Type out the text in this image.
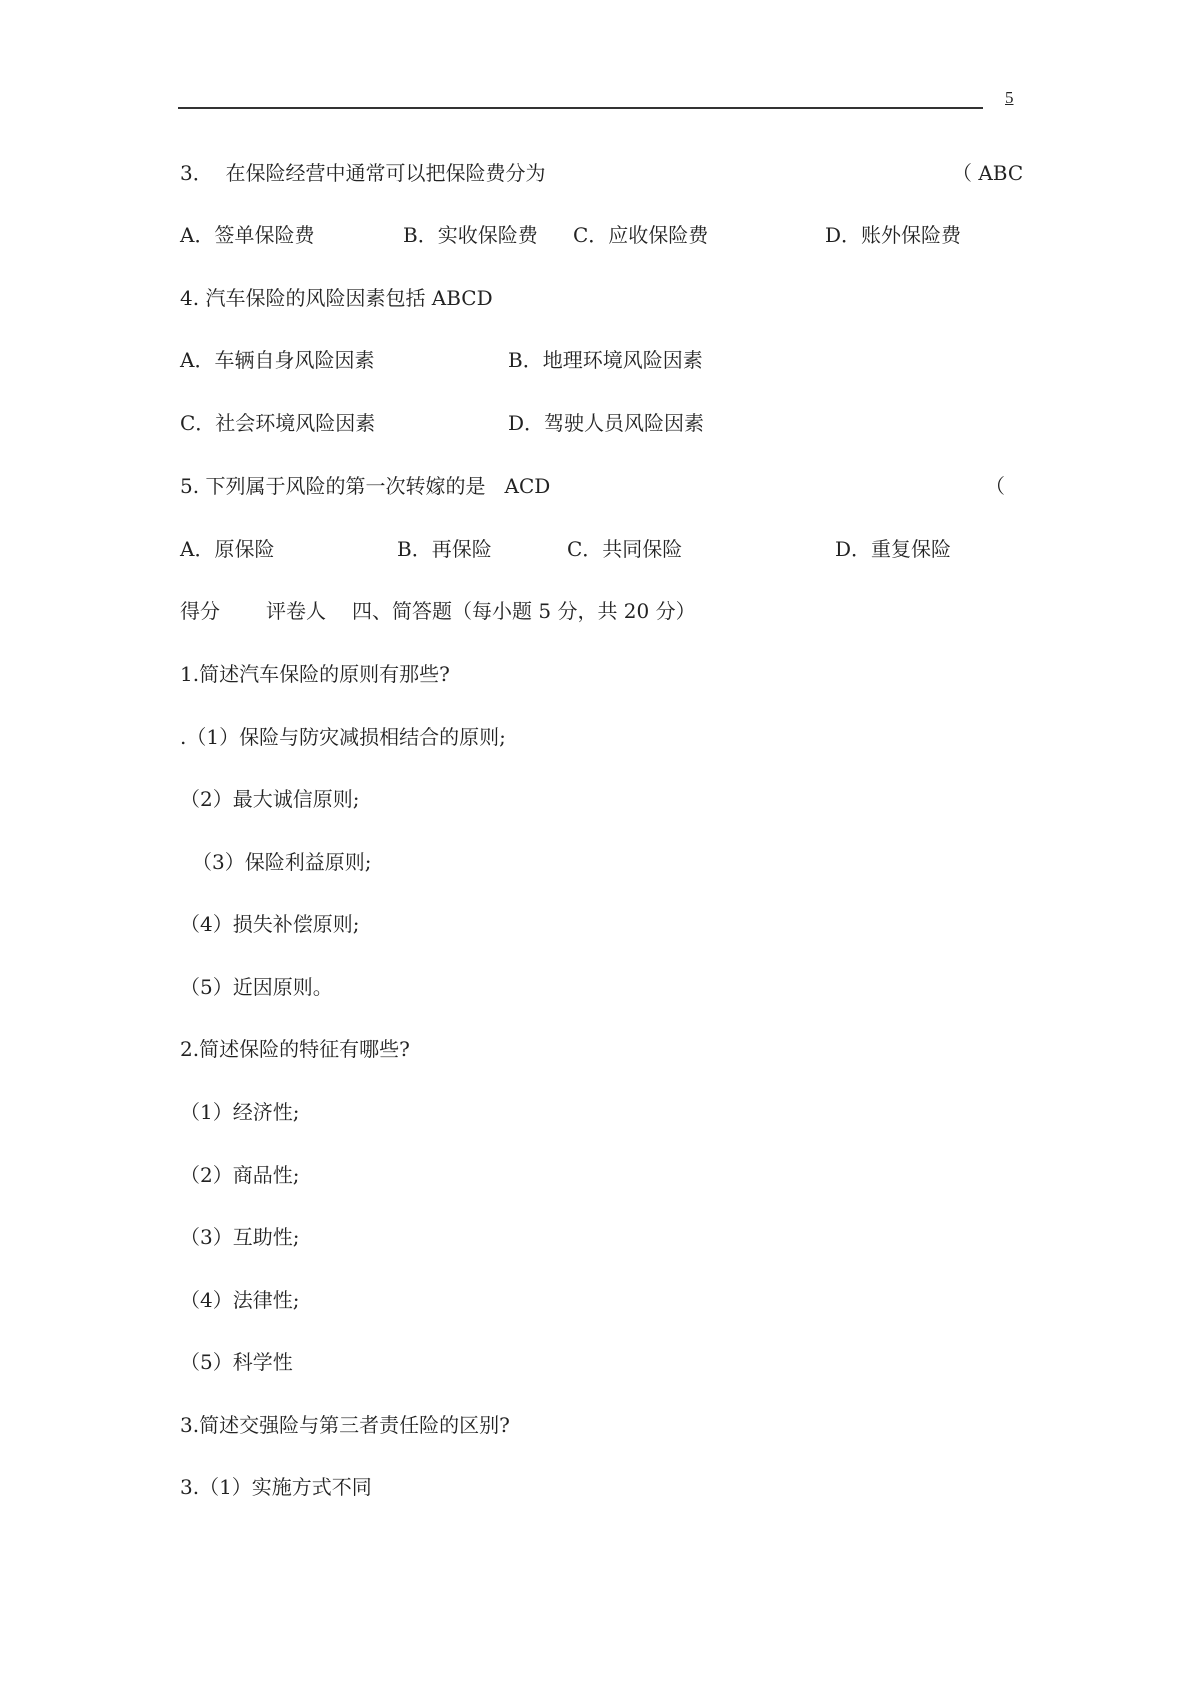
5
3．  在保险经营中通常可以把保险费分为	（ ABC
A．签单保险费	B．实收保险费 C．应收保险费	D．账外保险费
4. 汽车保险的风险因素包括 ABCD
A．车辆自身风险因素	B．地理环境风险因素
C．社会环境风险因素	D．驾驶人员风险因素
5. 下列属于风险的第一次转嫁的是   ACD	（
A．原保险	B．再保险	C．共同保险	D．重复保险
得分 评卷人 四、简答题（每小题 5 分，共 20 分）
1.简述汽车保险的原则有那些?
.（1）保险与防灾减损相结合的原则;
（2）最大诚信原则;
（3）保险利益原则;
（4）损失补偿原则;
（5）近因原则。
2.简述保险的特征有哪些?
（1）经济性;
（2）商品性;
（3）互助性;
（4）法律性;
（5）科学性
3.简述交强险与第三者责任险的区别?
3.（1）实施方式不同
